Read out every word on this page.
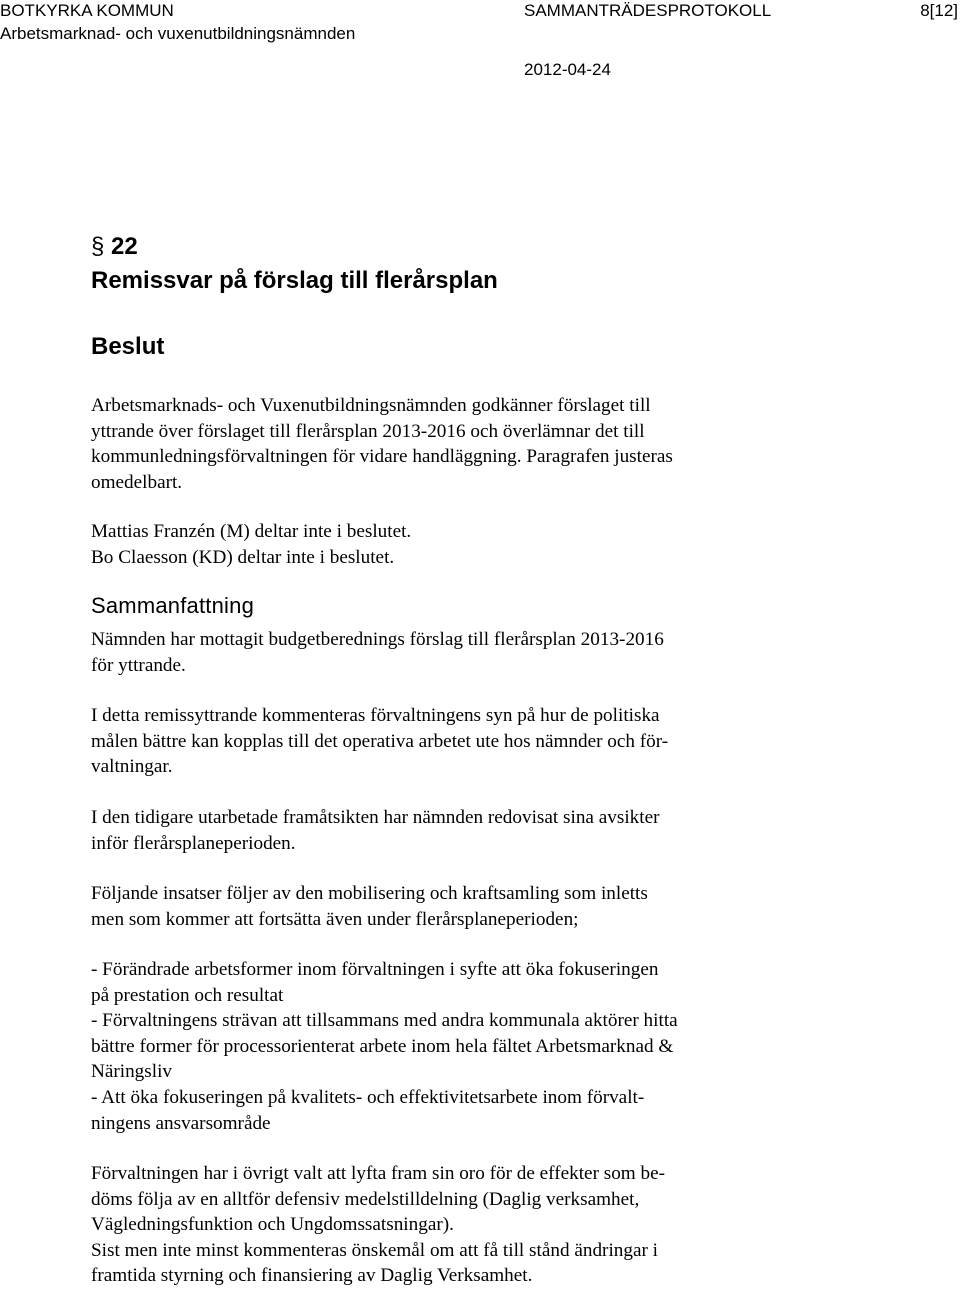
BOTKYRKA KOMMUN
Arbetsmarknad- och vuxenutbildningsnämnden
SAMMANTRÄDESPROTOKOLL	8[12]
2012-04-24
§ 22
Remissvar på förslag till flerårsplan
Beslut
Arbetsmarknads- och Vuxenutbildningsnämnden godkänner förslaget till
yttrande över förslaget till flerårsplan 2013-2016 och överlämnar det till
kommunledningsförvaltningen för vidare handläggning. Paragrafen justeras
omedelbart.
Mattias Franzén (M) deltar inte i beslutet.
Bo Claesson (KD) deltar inte i beslutet.
Sammanfattning
Nämnden har mottagit budgetberednings förslag till flerårsplan 2013-2016
för yttrande.
I detta remissyttrande kommenteras förvaltningens syn på hur de politiska
målen bättre kan kopplas till det operativa arbetet ute hos nämnder och för-
valtningar.
I den tidigare utarbetade framåtsikten har nämnden redovisat sina avsikter
inför flerårsplaneperioden.
Följande insatser följer av den mobilisering och kraftsamling som inletts
men som kommer att fortsätta även under flerårsplaneperioden;
- Förändrade arbetsformer inom förvaltningen i syfte att öka fokuseringen
på prestation och resultat
- Förvaltningens strävan att tillsammans med andra kommunala aktörer hitta
bättre former för processorienterat arbete inom hela fältet Arbetsmarknad &
Näringsliv
- Att öka fokuseringen på kvalitets- och effektivitetsarbete inom förvalt-
ningens ansvarsområde
Förvaltningen har i övrigt valt att lyfta fram sin oro för de effekter som be-
döms följa av en alltför defensiv medelstilldelning (Daglig verksamhet,
Vägledningsfunktion och Ungdomssatsningar).
Sist men inte minst kommenteras önskemål om att få till stånd ändringar i
framtida styrning och finansiering av Daglig Verksamhet.
